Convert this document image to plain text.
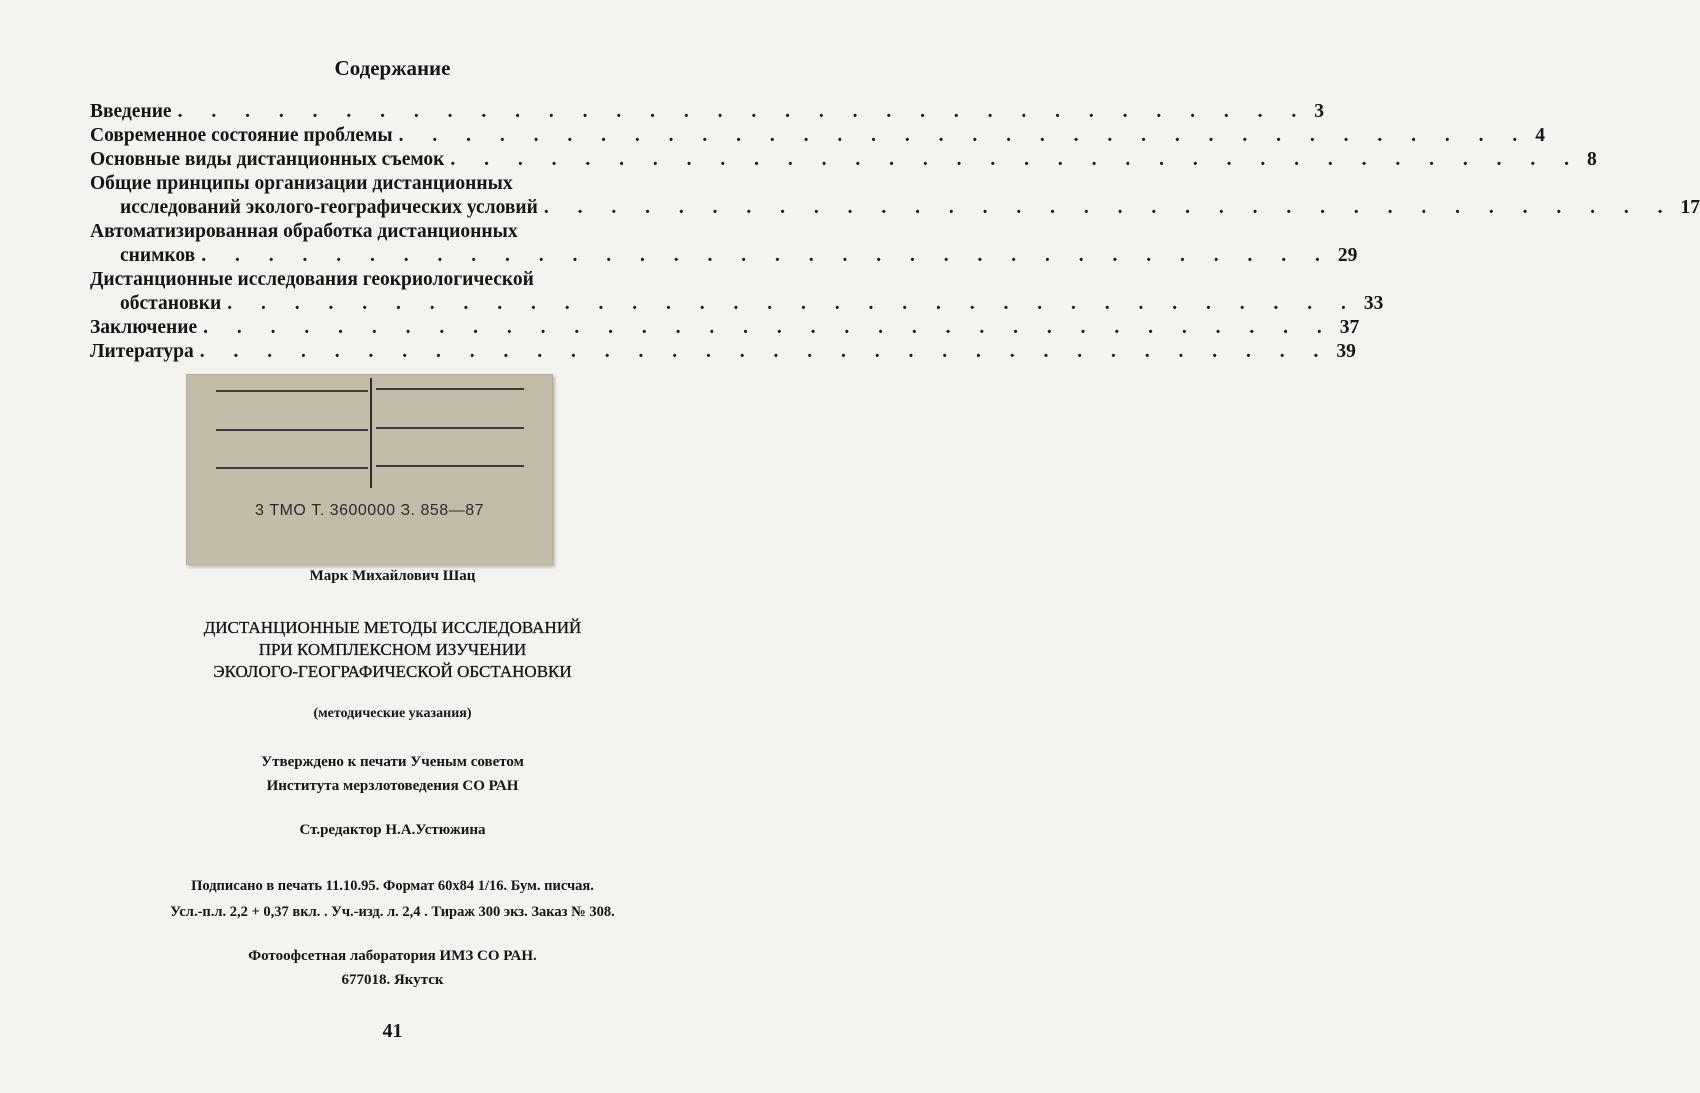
Содержание
Введение . . . . . . . . . . . . . . . . . . . . . . . . . . . . . . . . . . 3
Современное состояние проблемы . . . . . . . . . . . . . . . . . . . . . . . . . . . . . . . . . . 4
Основные виды дистанционных съемок . . . . . . . . . . . . . . . . . . . . . . . . . . . . . . . . . . 8
Общие принципы организации дистанционных
исследований эколого-географических условий . . . . . . . . . . . . . . . . . . . . . . . . . . . . . . . . . . 17
Автоматизированная обработка дистанционных
снимков . . . . . . . . . . . . . . . . . . . . . . . . . . . . . . . . . . 29
Дистанционные исследования геокриологической
обстановки . . . . . . . . . . . . . . . . . . . . . . . . . . . . . . . . . . 33
Заключение . . . . . . . . . . . . . . . . . . . . . . . . . . . . . . . . . . 37
Литература . . . . . . . . . . . . . . . . . . . . . . . . . . . . . . . . . . 39
3 ТМО Т. 3600000 З. 858—87
Марк Михайлович Шац
ДИСТАНЦИОННЫЕ МЕТОДЫ ИССЛЕДОВАНИЙ
ПРИ КОМПЛЕКСНОМ ИЗУЧЕНИИ
ЭКОЛОГО-ГЕОГРАФИЧЕСКОЙ ОБСТАНОВКИ
(методические указания)
Утверждено к печати Ученым советом
Института мерзлотоведения СО РАН
Ст.редактор Н.А.Устюжина
Подписано в печать 11.10.95. Формат 60х84 1/16. Бум. писчая.
Усл.-п.л. 2,2 + 0,37 вкл. . Уч.-изд. л. 2,4 . Тираж 300 экз. Заказ № 308.
Фотоофсетная лаборатория ИМЗ СО РАН.
677018. Якутск
41
